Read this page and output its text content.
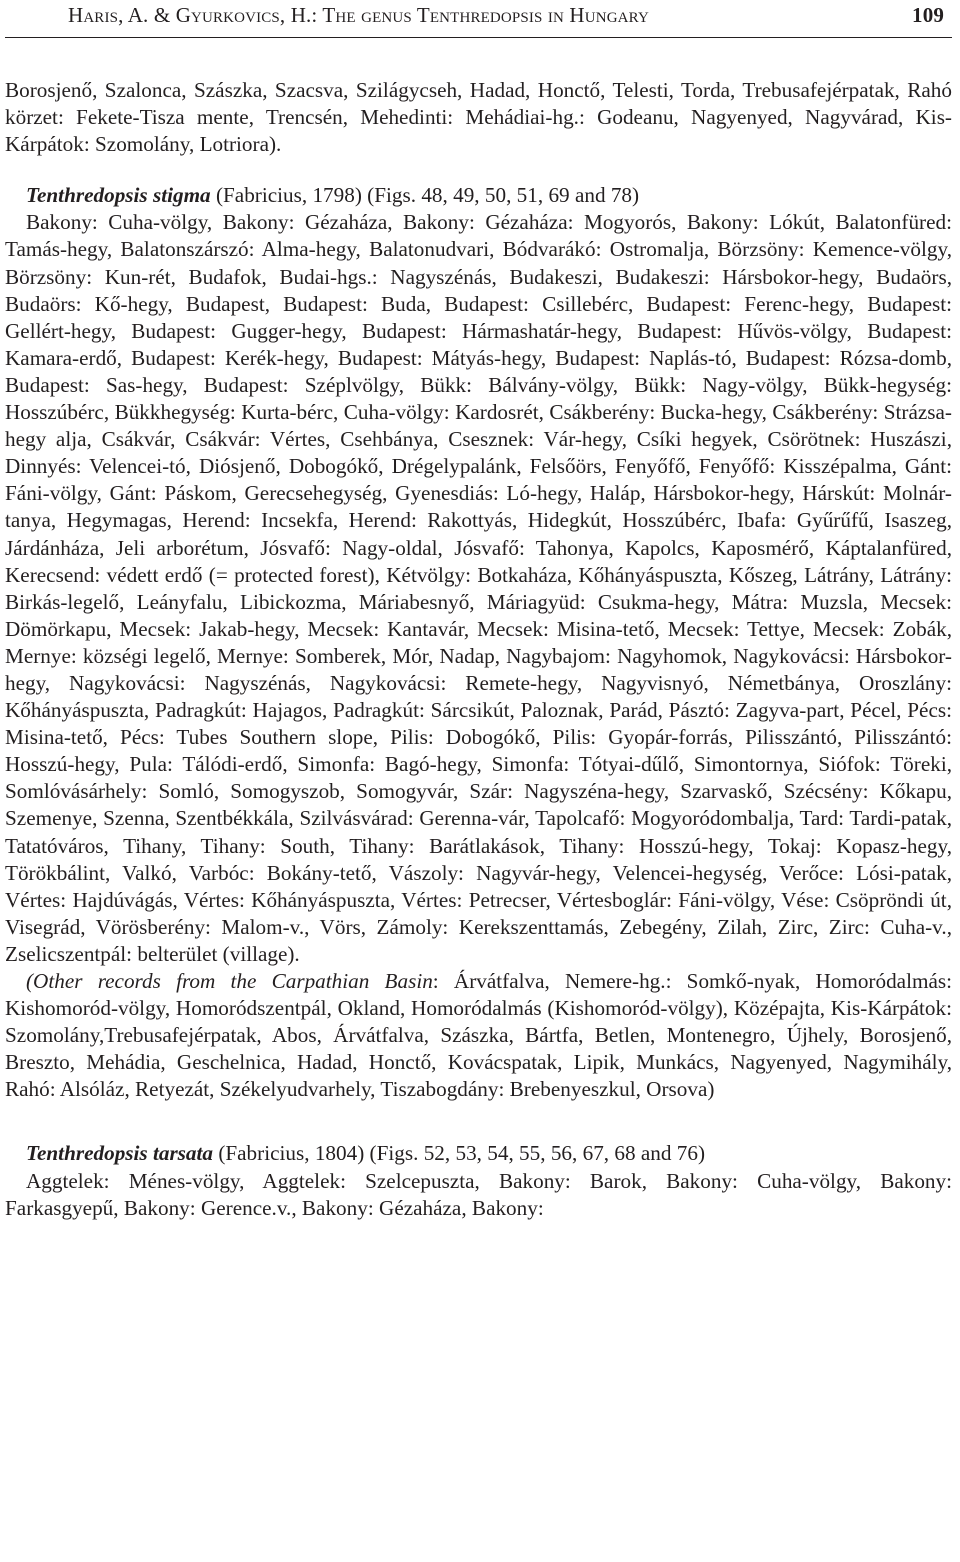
Haris, A. & Gyurkovics, H.: The genus Tenthredopsis in Hungary	109

Borosjenő, Szalonca, Szászka, Szacsva, Szilágycseh, Hadad, Honctő, Telesti, Torda, Trebusafejérpatak, Rahó körzet: Fekete-Tisza mente, Trencsén, Mehedinti: Mehádiai-hg.: Godeanu, Nagyenyed, Nagyvárad, Kis-Kárpátok: Szomolány, Lotriora).

Tenthredopsis stigma (Fabricius, 1798) (Figs. 48, 49, 50, 51, 69 and 78)

Bakony: Cuha-völgy, Bakony: Gézaháza, Bakony: Gézaháza: Mogyorós, Bakony: Lókút, Balatonfüred: Tamás-hegy, Balatonszárszó: Alma-hegy, Balatonudvari, Bódvarákó: Ostromalja, Börzsöny: Kemence-völgy, Börzsöny: Kun-rét, Budafok, Budai-hgs.: Nagyszénás, Budakeszi, Budakeszi: Hársbokor-hegy, Budaörs, Budaörs: Kő-hegy, Budapest, Budapest: Buda, Budapest: Csillebérc, Budapest: Ferenc-hegy, Budapest: Gellért-hegy, Budapest: Gugger-hegy, Budapest: Hármashatár-hegy, Budapest: Hűvös-völgy, Budapest: Kamara-erdő, Budapest: Kerék-hegy, Budapest: Mátyás-hegy, Budapest: Naplás-tó, Budapest: Rózsa-domb, Budapest: Sas-hegy, Budapest: Széplvölgy, Bükk: Bálvány-völgy, Bükk: Nagy-völgy, Bükk-hegység: Hosszúbérc, Bükkhegység: Kurta-bérc, Cuha-völgy: Kardosrét, Csákberény: Bucka-hegy, Csákberény: Strázsa-hegy alja, Csákvár, Csákvár: Vértes, Csehbánya, Csesznek: Vár-hegy, Csíki hegyek, Csörötnek: Huszászi, Dinnyés: Velencei-tó, Diósjenő, Dobogókő, Drégelypalánk, Felsőörs, Fenyőfő, Fenyőfő: Kisszépalma, Gánt: Fáni-völgy, Gánt: Páskom, Gerecsehegység, Gyenesdiás: Ló-hegy, Haláp, Hársbokor-hegy, Hárskút: Molnár-tanya, Hegymagas, Herend: Incsekfa, Herend: Rakottyás, Hidegkút, Hosszúbérc, Ibafa: Gyűrűfű, Isaszeg, Járdánháza, Jeli arborétum, Jósvafő: Nagy-oldal, Jósvafő: Tahonya, Kapolcs, Kaposmérő, Káptalanfüred, Kerecsend: védett erdő (= protected forest), Kétvölgy: Botkaháza, Kőhányáspuszta, Kőszeg, Látrány, Látrány: Birkás-legelő, Leányfalu, Libickozma, Máriabesnyő, Máriagyüd: Csukma-hegy, Mátra: Muzsla, Mecsek: Dömörkapu, Mecsek: Jakab-hegy, Mecsek: Kantavár, Mecsek: Misina-tető, Mecsek: Tettye, Mecsek: Zobák, Mernye: községi legelő, Mernye: Somberek, Mór, Nadap, Nagybajom: Nagyhomok, Nagykovácsi: Hársbokor-hegy, Nagykovácsi: Nagyszénás, Nagykovácsi: Remete-hegy, Nagyvisnyó, Németbánya, Oroszlány: Kőhányáspuszta, Padragkút: Hajagos, Padragkút: Sárcsikút, Paloznak, Parád, Pásztó: Zagyva-part, Pécel, Pécs: Misina-tető, Pécs: Tubes Southern slope, Pilis: Dobogókő, Pilis: Gyopár-forrás, Pilisszántó, Pilisszántó: Hosszú-hegy, Pula: Tálódi-erdő, Simonfa: Bagó-hegy, Simonfa: Tótyai-dűlő, Simontornya, Siófok: Töreki, Somlóvásárhely: Somló, Somogyszob, Somogyvár, Szár: Nagyszéna-hegy, Szarvaskő, Szécsény: Kőkapu, Szemenye, Szenna, Szentbékkála, Szilvásvárad: Gerenna-vár, Tapolcafő: Mogyoródombalja, Tard: Tardi-patak, Tatatóváros, Tihany, Tihany: South, Tihany: Barátlakások, Tihany: Hosszú-hegy, Tokaj: Kopasz-hegy, Törökbálint, Valkó, Varbóc: Bokány-tető, Vászoly: Nagyvár-hegy, Velencei-hegység, Verőce: Lósi-patak, Vértes: Hajdúvágás, Vértes: Kőhányáspuszta, Vértes: Petrecser, Vértesboglár: Fáni-völgy, Vése: Csöpröndi út, Visegrád, Vörösberény: Malom-v., Vörs, Zámoly: Kerekszenttamás, Zebegény, Zilah, Zirc, Zirc: Cuha-v., Zselicszentpál: belterület (village).

(Other records from the Carpathian Basin: Árvátfalva, Nemere-hg.: Somkő-nyak, Homoródalmás: Kishomoród-völgy, Homoródszentpál, Okland, Homoródalmás (Kishomoród-völgy), Középajta, Kis-Kárpátok: Szomolány,Trebusafejérpatak, Abos, Árvátfalva, Szászka, Bártfa, Betlen, Montenegro, Újhely, Borosjenő, Breszto, Mehádia, Geschelnica, Hadad, Honctő, Kovácspatak, Lipik, Munkács, Nagyenyed, Nagymihály, Rahó: Alsóláz, Retyezát, Székelyudvarhely, Tiszabogdány: Brebenyeszkul, Orsova)

Tenthredopsis tarsata (Fabricius, 1804) (Figs. 52, 53, 54, 55, 56, 67, 68 and 76)

Aggtelek: Ménes-völgy, Aggtelek: Szelcepuszta, Bakony: Barok, Bakony: Cuha-völgy, Bakony: Farkasgyepű, Bakony: Gerence.v., Bakony: Gézaháza, Bakony:
